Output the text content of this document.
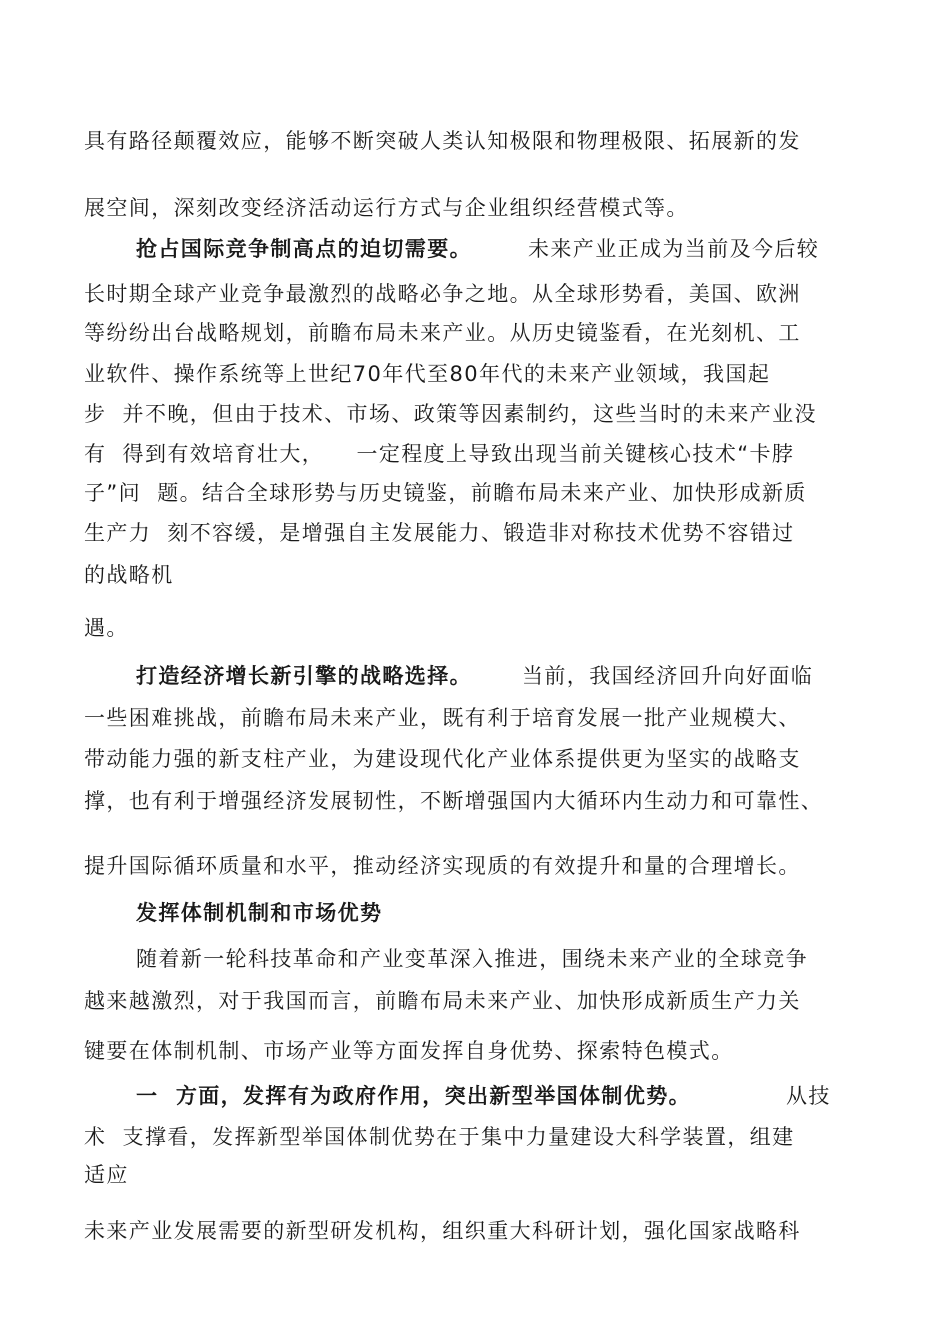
具有路径颠覆效应，能够不断突破人类认知极限和物理极限、拓展新的发

展空间，深刻改变经济活动运行方式与企业组织经营模式等。

抢占国际竞争制高点的迫切需要。	未来产业正成为当前及今后较

长时期全球产业竞争最激烈的战略必争之地。从全球形势看，美国、欧洲

等纷纷出台战略规划，前瞻布局未来产业。从历史镜鉴看，在光刻机、工

业软件、操作系统等上世纪70年代至80年代的未来产业领域，我国起

步  并不晚，但由于技术、市场、政策等因素制约，这些当时的未来产业没

有  得到有效培育壮大，    一定程度上导致出现当前关键核心技术“卡脖

子”问  题。结合全球形势与历史镜鉴，前瞻布局未来产业、加快形成新质

生产力  刻不容缓，是增强自主发展能力、锻造非对称技术优势不容错过

的战略机

遇。

打造经济增长新引擎的战略选择。 当前，我国经济回升向好面临

一些困难挑战，前瞻布局未来产业，既有利于培育发展一批产业规模大、

带动能力强的新支柱产业，为建设现代化产业体系提供更为坚实的战略支

撑，也有利于增强经济发展韧性，不断增强国内大循环内生动力和可靠性、

提升国际循环质量和水平，推动经济实现质的有效提升和量的合理增长。

发挥体制机制和市场优势

随着新一轮科技革命和产业变革深入推进，围绕未来产业的全球竞争

越来越激烈，对于我国而言，前瞻布局未来产业、加快形成新质生产力关

键要在体制机制、市场产业等方面发挥自身优势、探索特色模式。

一  方面，发挥有为政府作用，突出新型举国体制优势。	从技

术  支撑看，发挥新型举国体制优势在于集中力量建设大科学装置，组建

适应

未来产业发展需要的新型研发机构，组织重大科研计划，强化国家战略科
